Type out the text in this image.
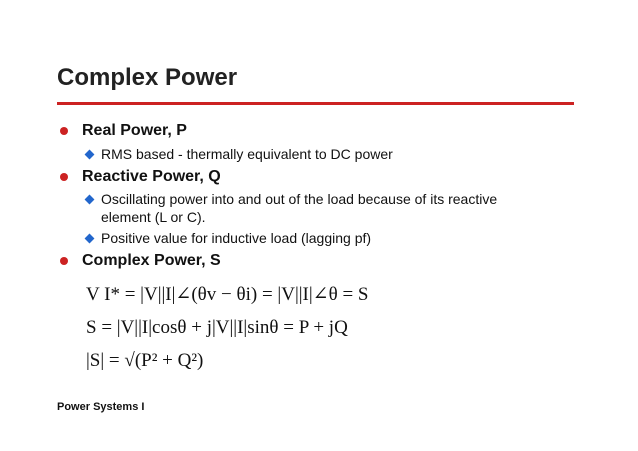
Complex Power
Real Power, P
RMS based - thermally equivalent to DC power
Reactive Power, Q
Oscillating power into and out of the load because of its reactive element (L or C).
Positive value for inductive load (lagging pf)
Complex Power, S
V I* = |V||I|∠(θv − θi) = |V||I|∠θ = S
S = |V||I|cosθ + j|V||I|sinθ = P + jQ
|S| = √(P² + Q²)
Power Systems I
